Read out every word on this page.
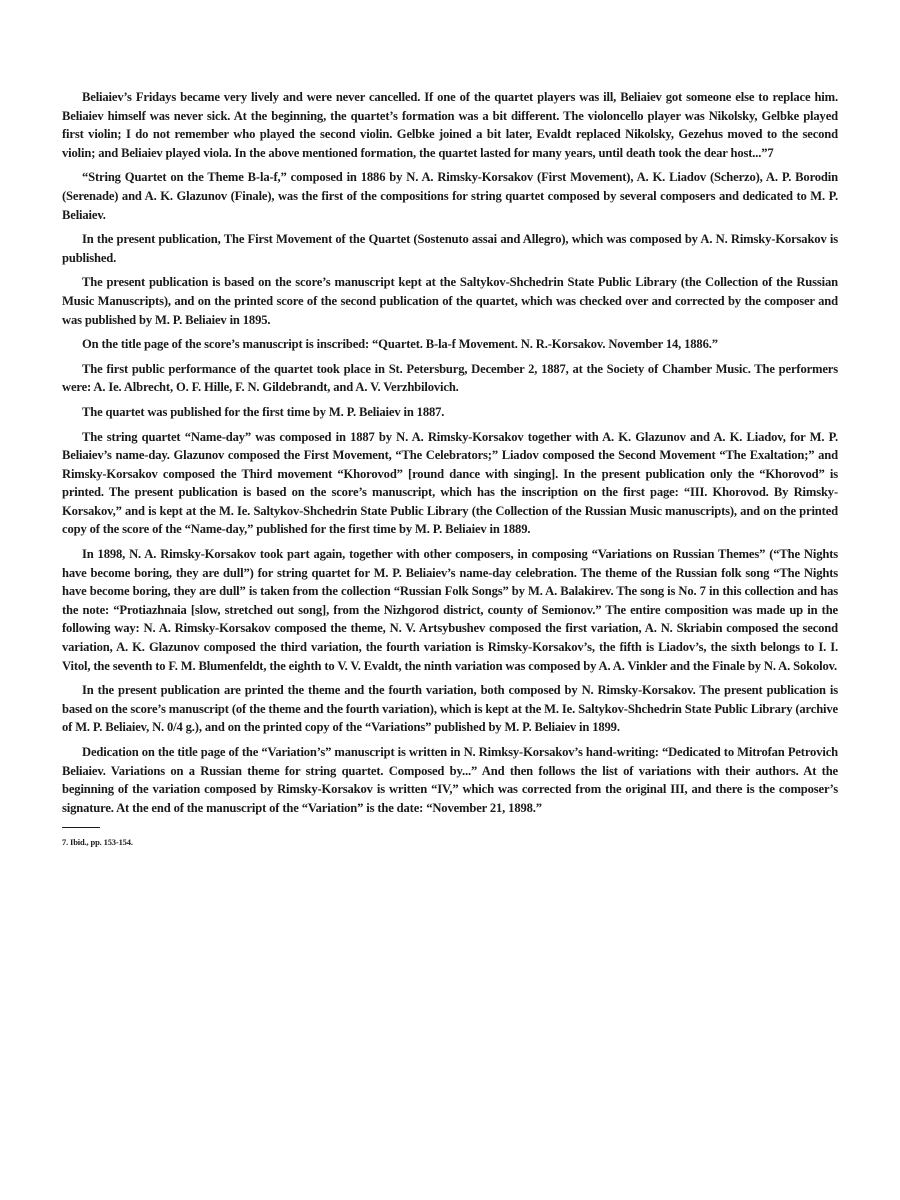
Beliaiev’s Fridays became very lively and were never cancelled. If one of the quartet players was ill, Beliaiev got someone else to replace him. Beliaiev himself was never sick. At the beginning, the quartet’s formation was a bit different. The violoncello player was Nikolsky, Gelbke played first violin; I do not remember who played the second violin. Gelbke joined a bit later, Evaldt replaced Nikolsky, Gezehus moved to the second violin; and Beliaiev played viola. In the above mentioned formation, the quartet lasted for many years, until death took the dear host...”7

“String Quartet on the Theme B-la-f,” composed in 1886 by N. A. Rimsky-Korsakov (First Movement), A. K. Liadov (Scherzo), A. P. Borodin (Serenade) and A. K. Glazunov (Finale), was the first of the compositions for string quartet composed by several composers and dedicated to M. P. Beliaiev.

In the present publication, The First Movement of the Quartet (Sostenuto assai and Allegro), which was composed by A. N. Rimsky-Korsakov is published.

The present publication is based on the score’s manuscript kept at the Saltykov-Shchedrin State Public Library (the Collection of the Russian Music Manuscripts), and on the printed score of the second publication of the quartet, which was checked over and corrected by the composer and was published by M. P. Beliaiev in 1895.

On the title page of the score’s manuscript is inscribed: “Quartet. B-la-f Movement. N. R.-Korsakov. November 14, 1886.”

The first public performance of the quartet took place in St. Petersburg, December 2, 1887, at the Society of Chamber Music. The performers were: A. Ie. Albrecht, O. F. Hille, F. N. Gildebrandt, and A. V. Verzhbilovich.

The quartet was published for the first time by M. P. Beliaiev in 1887.

The string quartet “Name-day” was composed in 1887 by N. A. Rimsky-Korsakov together with A. K. Glazunov and A. K. Liadov, for M. P. Beliaiev’s name-day. Glazunov composed the First Movement, “The Celebrators;” Liadov composed the Second Movement “The Exaltation;” and Rimsky-Korsakov composed the Third movement “Khorovod” [round dance with singing]. In the present publication only the “Khorovod” is printed. The present publication is based on the score’s manuscript, which has the inscription on the first page: “III. Khorovod. By Rimsky-Korsakov,” and is kept at the M. Ie. Saltykov-Shchedrin State Public Library (the Collection of the Russian Music manuscripts), and on the printed copy of the score of the “Name-day,” published for the first time by M. P. Beliaiev in 1889.

In 1898, N. A. Rimsky-Korsakov took part again, together with other composers, in composing “Variations on Russian Themes” (“The Nights have become boring, they are dull”) for string quartet for M. P. Beliaiev’s name-day celebration. The theme of the Russian folk song “The Nights have become boring, they are dull” is taken from the collection “Russian Folk Songs” by M. A. Balakirev. The song is No. 7 in this collection and has the note: “Protiazhnaia [slow, stretched out song], from the Nizhgorod district, county of Semionov.” The entire composition was made up in the following way: N. A. Rimsky-Korsakov composed the theme, N. V. Artsybushev composed the first variation, A. N. Skriabin composed the second variation, A. K. Glazunov composed the third variation, the fourth variation is Rimsky-Korsakov’s, the fifth is Liadov’s, the sixth belongs to I. I. Vitol, the seventh to F. M. Blumenfeldt, the eighth to V. V. Evaldt, the ninth variation was composed by A. A. Vinkler and the Finale by N. A. Sokolov.

In the present publication are printed the theme and the fourth variation, both composed by N. Rimsky-Korsakov. The present publication is based on the score’s manuscript (of the theme and the fourth variation), which is kept at the M. Ie. Saltykov-Shchedrin State Public Library (archive of M. P. Beliaiev, N. 0/4 g.), and on the printed copy of the “Variations” published by M. P. Beliaiev in 1899.

Dedication on the title page of the “Variation’s” manuscript is written in N. Rimksy-Korsakov’s hand-writing: “Dedicated to Mitrofan Petrovich Beliaiev. Variations on a Russian theme for string quartet. Composed by...” And then follows the list of variations with their authors. At the beginning of the variation composed by Rimsky-Korsakov is written “IV,” which was corrected from the original III, and there is the composer’s signature. At the end of the manuscript of the “Variation” is the date: “November 21, 1898.”

7. Ibid., pp. 153-154.
